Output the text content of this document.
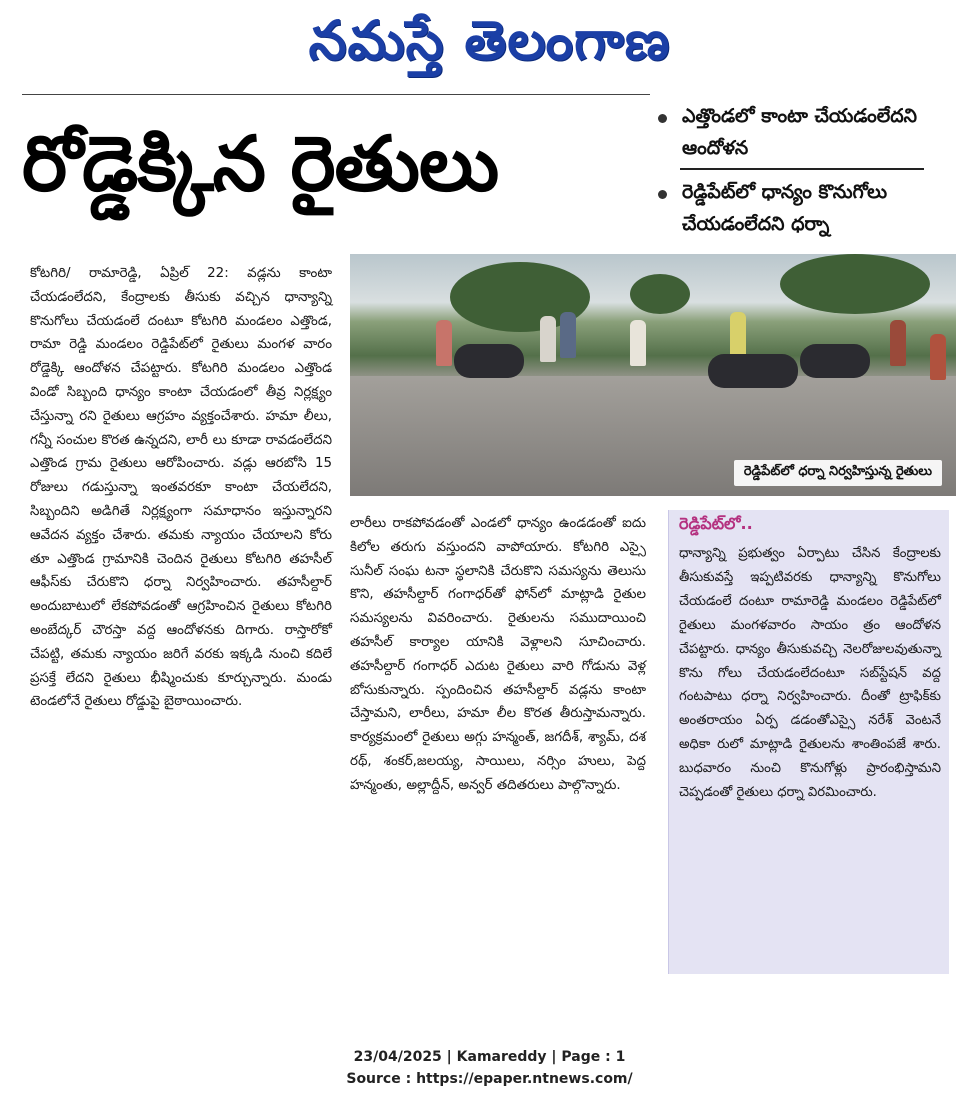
నమస్తే తెలంగాణ
రోడ్డెక్కిన రైతులు
ఎత్తొండలో కాంటా చేయడంలేదని ఆందోళన
రెడ్డిపేట్‌లో ధాన్యం కొనుగోలు చేయడంలేదని ధర్నా

కోటగిరి/ రామారెడ్డి, ఏప్రిల్ 22: వడ్లను కాంటా చేయడంలేదని, కేంద్రాలకు తీసుకు వచ్చిన ధాన్యాన్ని కొనుగోలు చేయడంలే దంటూ కోటగిరి మండలం ఎత్తొండ, రామా రెడ్డి మండలం రెడ్డిపేట్‌లో రైతులు మంగళ వారం రోడ్డెక్కి ఆందోళన చేపట్టారు. కోటగిరి మండలం ఎత్తొండ విండో సిబ్బంది ధాన్యం కాంటా చేయడంలో తీవ్ర నిర్లక్ష్యం చేస్తున్నా రని రైతులు ఆగ్రహం వ్యక్తంచేశారు. హమా లీలు, గన్నీ సంచుల కొరత ఉన్నదని, లారీ లు కూడా రావడంలేదని ఎత్తొండ గ్రామ రైతులు ఆరోపించారు. వడ్లు ఆరబోసి 15 రోజులు గడుస్తున్నా ఇంతవరకూ కాంటా చేయలేదని, సిబ్బందిని అడిగితే నిర్లక్ష్యంగా సమాధానం ఇస్తున్నారని ఆవేదన వ్యక్తం చేశారు. తమకు న్యాయం చేయాలని కోరు తూ ఎత్తొండ గ్రామానికి చెందిన రైతులు కోటగిరి తహసీల్ ఆఫీస్‌కు చేరుకొని ధర్నా నిర్వహించారు. తహసీల్దార్ అందుబాటులో లేకపోవడంతో ఆగ్రహించిన రైతులు కోటగిరి అంబేద్కర్ చౌరస్తా వద్ద ఆందోళనకు దిగారు. రాస్తారోకో చేపట్టి, తమకు న్యాయం జరిగే వరకు ఇక్కడి నుంచి కదిలే ప్రసక్తే లేదని రైతులు భీష్మించుకు కూర్చున్నారు. మండు టెండలోనే రైతులు రోడ్డుపై బైఠాయించారు.

రెడ్డిపేట్‌లో ధర్నా నిర్వహిస్తున్న రైతులు

లారీలు రాకపోవడంతో ఎండలో ధాన్యం ఉండడంతో ఐదు కిలోల తరుగు వస్తుందని వాపోయారు. కోటగిరి ఎస్సై సునీల్ సంఘ టనా స్థలానికి చేరుకొని సమస్యను తెలుసు కొని, తహసీల్దార్ గంగాధర్‌తో ఫోన్‌లో మాట్లాడి రైతుల సమస్యలను వివరించారు. రైతులను సముదాయించి తహసీల్ కార్యాల యానికి వెళ్లాలని సూచించారు. తహసీల్దార్ గంగాధర్ ఎదుట రైతులు వారి గోడును వెళ్ల బోసుకున్నారు. స్పందించిన తహసీల్దార్ వడ్లను కాంటా చేస్తామని, లారీలు, హమా లీల కొరత తీరుస్తామన్నారు. కార్యక్రమంలో రైతులు అగ్గు హన్మంత్, జగదీశ్, శ్యామ్, దశ రథ్, శంకర్,జలయ్య, సాయిలు, నర్సిం హులు, పెద్ద హన్మంతు, అల్లాద్దీన్, అన్వర్ తదితరులు పాల్గొన్నారు.

రెడ్డిపేట్‌లో..

ధాన్యాన్ని ప్రభుత్వం ఏర్పాటు చేసిన కేంద్రాలకు తీసుకువస్తే ఇప్పటివరకు ధాన్యాన్ని కొనుగోలు చేయడంలే దంటూ రామారెడ్డి మండలం రెడ్డిపేట్‌లో రైతులు మంగళవారం సాయం త్రం ఆందోళన చేపట్టారు. ధాన్యం తీసుకువచ్చి నెలరోజులవుతున్నా కొను గోలు చేయడంలేదంటూ సబ్‌స్టేషన్ వద్ద గంటపాటు ధర్నా నిర్వహించారు. దీంతో ట్రాఫిక్‌కు అంతరాయం ఏర్ప డడంతోఎస్సై నరేశ్ వెంటనే అధికా రులో మాట్లాడి రైతులను శాంతింపజే శారు. బుధవారం నుంచి కొనుగోళ్లు ప్రారంభిస్తామని చెప్పడంతో రైతులు ధర్నా విరమించారు.

23/04/2025 | Kamareddy | Page : 1
Source : https://epaper.ntnews.com/
